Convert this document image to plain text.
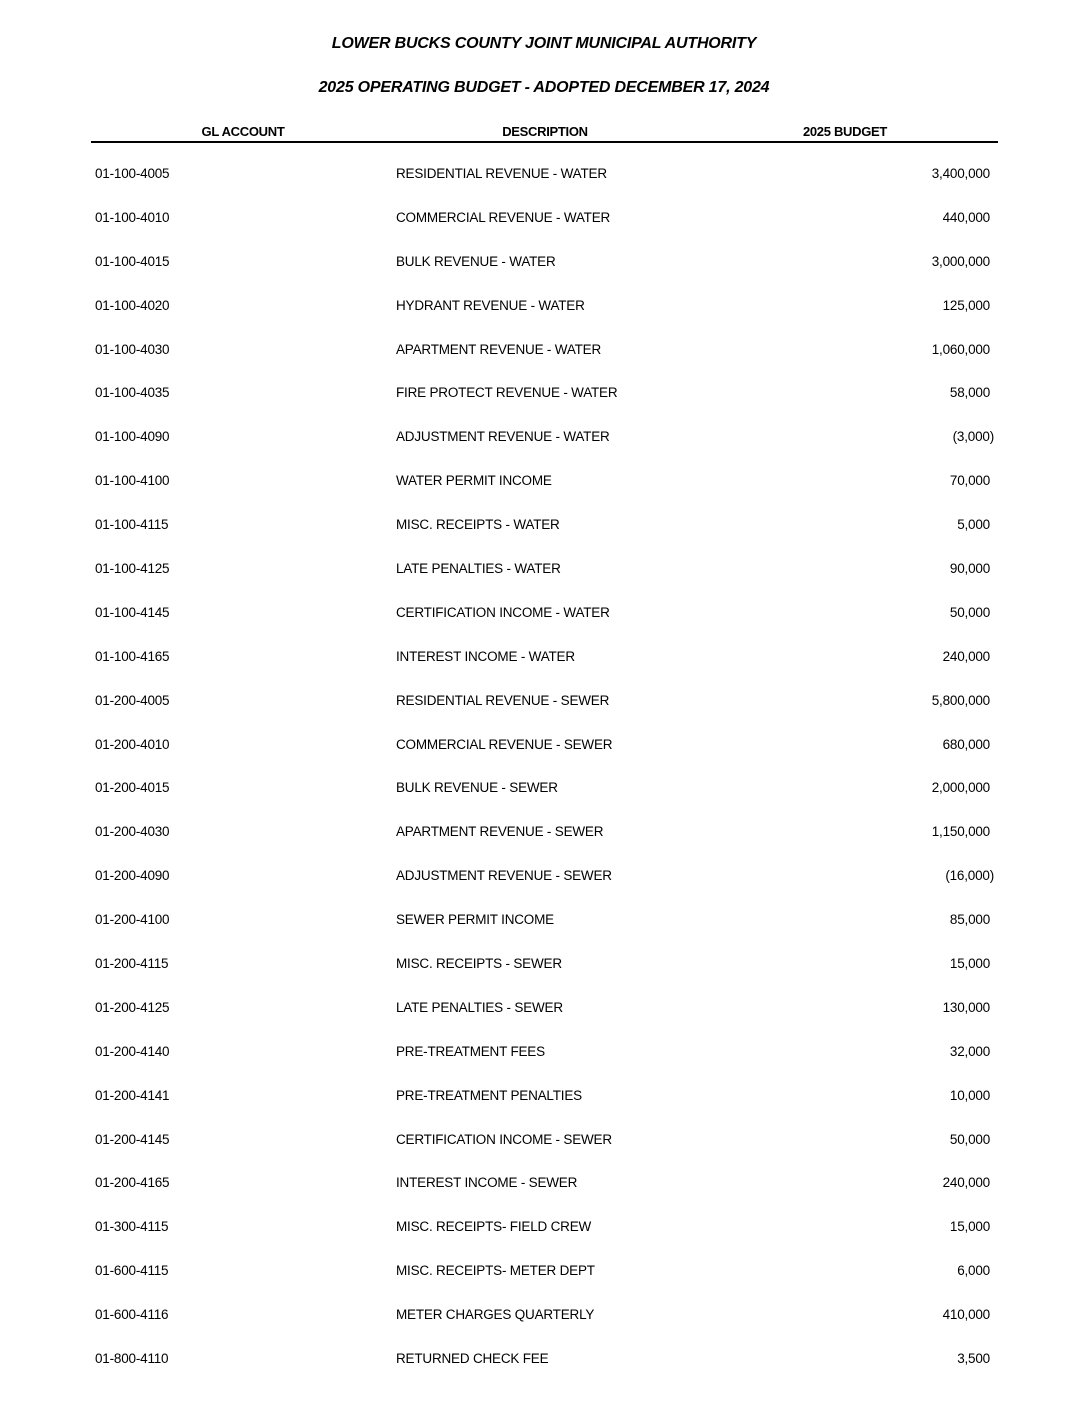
LOWER BUCKS COUNTY JOINT MUNICIPAL AUTHORITY
2025 OPERATING BUDGET - ADOPTED DECEMBER 17, 2024
GL ACCOUNT	DESCRIPTION	2025 BUDGET
01-100-4005	RESIDENTIAL REVENUE - WATER	3,400,000
01-100-4010	COMMERCIAL REVENUE - WATER	440,000
01-100-4015	BULK REVENUE - WATER	3,000,000
01-100-4020	HYDRANT REVENUE - WATER	125,000
01-100-4030	APARTMENT REVENUE - WATER	1,060,000
01-100-4035	FIRE PROTECT REVENUE - WATER	58,000
01-100-4090	ADJUSTMENT REVENUE - WATER	(3,000)
01-100-4100	WATER PERMIT INCOME	70,000
01-100-4115	MISC. RECEIPTS - WATER	5,000
01-100-4125	LATE PENALTIES - WATER	90,000
01-100-4145	CERTIFICATION INCOME - WATER	50,000
01-100-4165	INTEREST INCOME - WATER	240,000
01-200-4005	RESIDENTIAL REVENUE - SEWER	5,800,000
01-200-4010	COMMERCIAL REVENUE - SEWER	680,000
01-200-4015	BULK REVENUE - SEWER	2,000,000
01-200-4030	APARTMENT REVENUE - SEWER	1,150,000
01-200-4090	ADJUSTMENT REVENUE - SEWER	(16,000)
01-200-4100	SEWER PERMIT INCOME	85,000
01-200-4115	MISC. RECEIPTS - SEWER	15,000
01-200-4125	LATE PENALTIES - SEWER	130,000
01-200-4140	PRE-TREATMENT FEES	32,000
01-200-4141	PRE-TREATMENT PENALTIES	10,000
01-200-4145	CERTIFICATION INCOME - SEWER	50,000
01-200-4165	INTEREST INCOME - SEWER	240,000
01-300-4115	MISC. RECEIPTS- FIELD CREW	15,000
01-600-4115	MISC. RECEIPTS- METER DEPT	6,000
01-600-4116	METER CHARGES QUARTERLY	410,000
01-800-4110	RETURNED CHECK FEE	3,500
